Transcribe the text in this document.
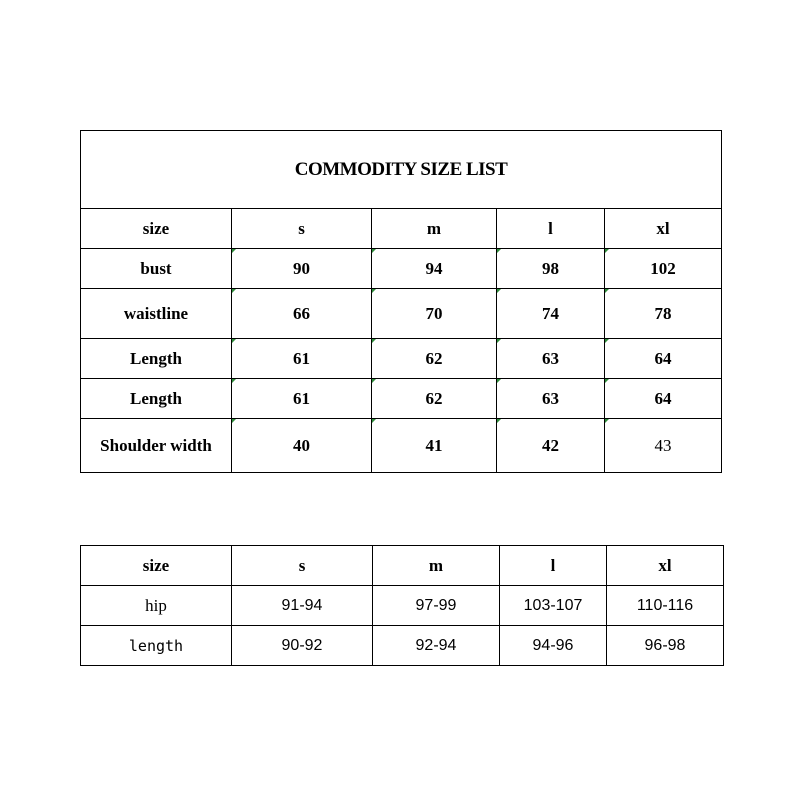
COMMODITY SIZE LIST				
size	s	m	l	xl
bust	90	94	98	102
waistline	66	70	74	78
Length	61	62	63	64
Length	61	62	63	64
Shoulder width	40	41	42	43
size	s	m	l	xl
hip	91-94	97-99	103-107	110-116
length	90-92	92-94	94-96	96-98
